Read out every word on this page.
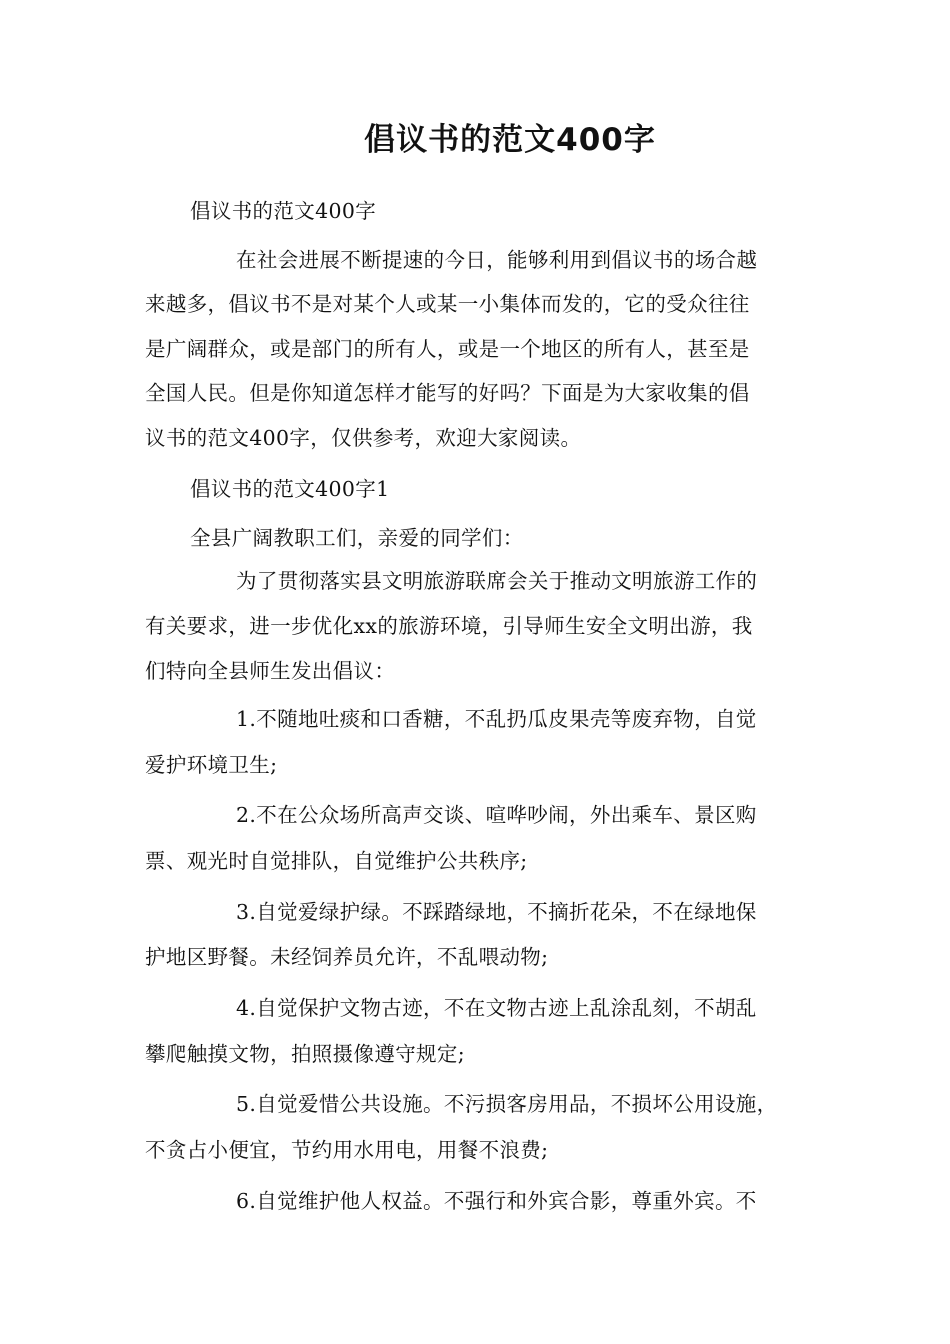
倡议书的范文400字
倡议书的范文400字
在社会进展不断提速的今日，能够利用到倡议书的场合越
来越多，倡议书不是对某个人或某一小集体而发的，它的受众往往
是广阔群众，或是部门的所有人，或是一个地区的所有人，甚至是
全国人民。但是你知道怎样才能写的好吗？下面是为大家收集的倡
议书的范文400字，仅供参考，欢迎大家阅读。
倡议书的范文400字1
全县广阔教职工们，亲爱的同学们：
为了贯彻落实县文明旅游联席会关于推动文明旅游工作的
有关要求，进一步优化xx的旅游环境，引导师生安全文明出游，我
们特向全县师生发出倡议：
1.不随地吐痰和口香糖，不乱扔瓜皮果壳等废弃物，自觉
爱护环境卫生;
2.不在公众场所高声交谈、喧哗吵闹，外出乘车、景区购
票、观光时自觉排队，自觉维护公共秩序;
3.自觉爱绿护绿。不踩踏绿地，不摘折花朵，不在绿地保
护地区野餐。未经饲养员允许，不乱喂动物;
4.自觉保护文物古迹，不在文物古迹上乱涂乱刻，不胡乱
攀爬触摸文物，拍照摄像遵守规定;
5.自觉爱惜公共设施。不污损客房用品，不损坏公用设施，
不贪占小便宜，节约用水用电，用餐不浪费;
6.自觉维护他人权益。不强行和外宾合影，尊重外宾。不
